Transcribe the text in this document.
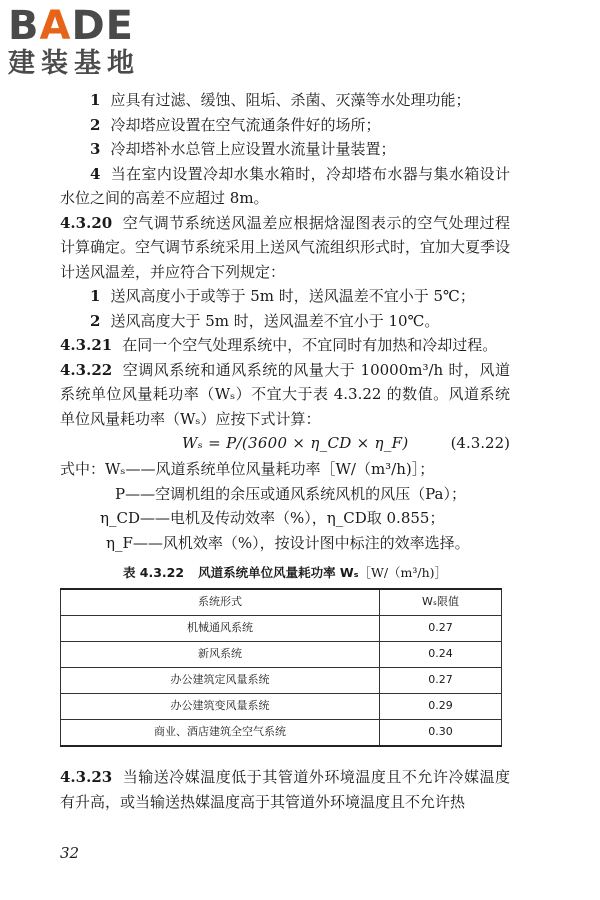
BADE
建装基地

1 应具有过滤、缓蚀、阻垢、杀菌、灭藻等水处理功能；

2 冷却塔应设置在空气流通条件好的场所；

3 冷却塔补水总管上应设置水流量计量装置；

4 当在室内设置冷却水集水箱时，冷却塔布水器与集水箱设计水位之间的高差不应超过 8m。

4.3.20 空气调节系统送风温差应根据焓湿图表示的空气处理过程计算确定。空气调节系统采用上送风气流组织形式时，宜加大夏季设计送风温差，并应符合下列规定：

1 送风高度小于或等于 5m 时，送风温差不宜小于 5℃；

2 送风高度大于 5m 时，送风温差不宜小于 10℃。

4.3.21 在同一个空气处理系统中，不宜同时有加热和冷却过程。

4.3.22 空调风系统和通风系统的风量大于 10000m³/h 时，风道系统单位风量耗功率（Wₛ）不宜大于表 4.3.22 的数值。风道系统单位风量耗功率（Wₛ）应按下式计算：

Wₛ = P/(3600 × η_CD × η_F)	(4.3.22)

式中：Wₛ——风道系统单位风量耗功率［W/（m³/h)］；

P——空调机组的余压或通风系统风机的风压（Pa）；

η_CD——电机及传动效率（%），η_CD取 0.855；

η_F——风机效率（%），按设计图中标注的效率选择。

表 4.3.22 风道系统单位风量耗功率 Wₛ［W/（m³/h)］
系统形式	Wₛ限值
机械通风系统	0.27
新风系统	0.24
办公建筑定风量系统	0.27
办公建筑变风量系统	0.29
商业、酒店建筑全空气系统	0.30

4.3.23 当输送冷媒温度低于其管道外环境温度且不允许冷媒温度有升高，或当输送热媒温度高于其管道外环境温度且不允许热

32
